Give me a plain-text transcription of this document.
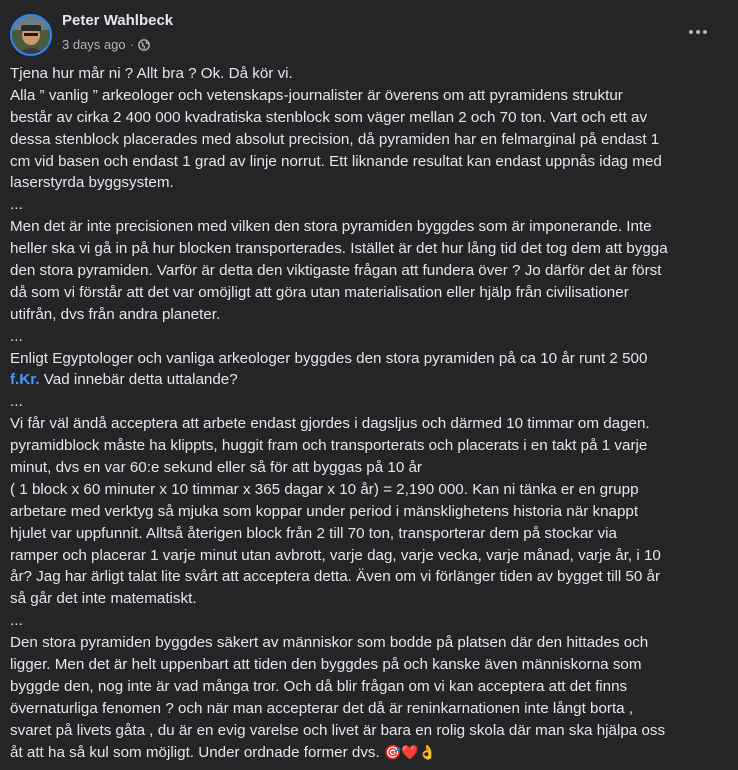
Peter Wahlbeck
3 days ago ·
Tjena hur mår ni ? Allt bra ? Ok. Då kör vi.
Alla ” vanlig ” arkeologer och vetenskaps-journalister är överens om att pyramidens struktur
består av cirka 2 400 000 kvadratiska stenblock som väger mellan 2 och 70 ton. Vart och ett av
dessa stenblock placerades med absolut precision, då pyramiden har en felmarginal på endast 1
cm vid basen och endast 1 grad av linje norrut. Ett liknande resultat kan endast uppnås idag med
laserstyrda byggsystem.
...
Men det är inte precisionen med vilken den stora pyramiden byggdes som är imponerande. Inte
heller ska vi gå in på hur blocken transporterades. Istället är det hur lång tid det tog dem att bygga
den stora pyramiden. Varför är detta den viktigaste frågan att fundera över ? Jo därför det är först
då som vi förstår att det var omöjligt att göra utan materialisation eller hjälp från civilisationer
utifrån, dvs från andra planeter.
...
Enligt Egyptologer och vanliga arkeologer byggdes den stora pyramiden på ca 10 år runt 2 500
f.Kr. Vad innebär detta uttalande?
...
Vi får väl ändå acceptera att arbete endast gjordes i dagsljus och därmed 10 timmar om dagen.
pyramidblock måste ha klippts, huggit fram och transporterats och placerats i en takt på 1 varje
minut, dvs en var 60:e sekund eller så för att byggas på 10 år
( 1 block x 60 minuter x 10 timmar x 365 dagar x 10 år) = 2,190 000. Kan ni tänka er en grupp
arbetare med verktyg så mjuka som koppar under period i mänsklighetens historia när knappt
hjulet var uppfunnit. Alltså återigen block från 2 till 70 ton, transporterar dem på stockar via
ramper och placerar 1 varje minut utan avbrott, varje dag, varje vecka, varje månad, varje år, i 10
år? Jag har ärligt talat lite svårt att acceptera detta. Även om vi förlänger tiden av bygget till 50 år
så går det inte matematiskt.
...
Den stora pyramiden byggdes säkert av människor som bodde på platsen där den hittades och
ligger. Men det är helt uppenbart att tiden den byggdes på och kanske även människorna som
byggde den, nog inte är vad många tror. Och då blir frågan om vi kan acceptera att det finns
övernaturliga fenomen ? och när man accepterar det då är reninkarnationen inte långt borta ,
svaret på livets gåta , du är en evig varelse och livet är bara en rolig skola där man ska hjälpa oss
åt att ha så kul som möjligt. Under ordnade former dvs. 🎯❤️👌
